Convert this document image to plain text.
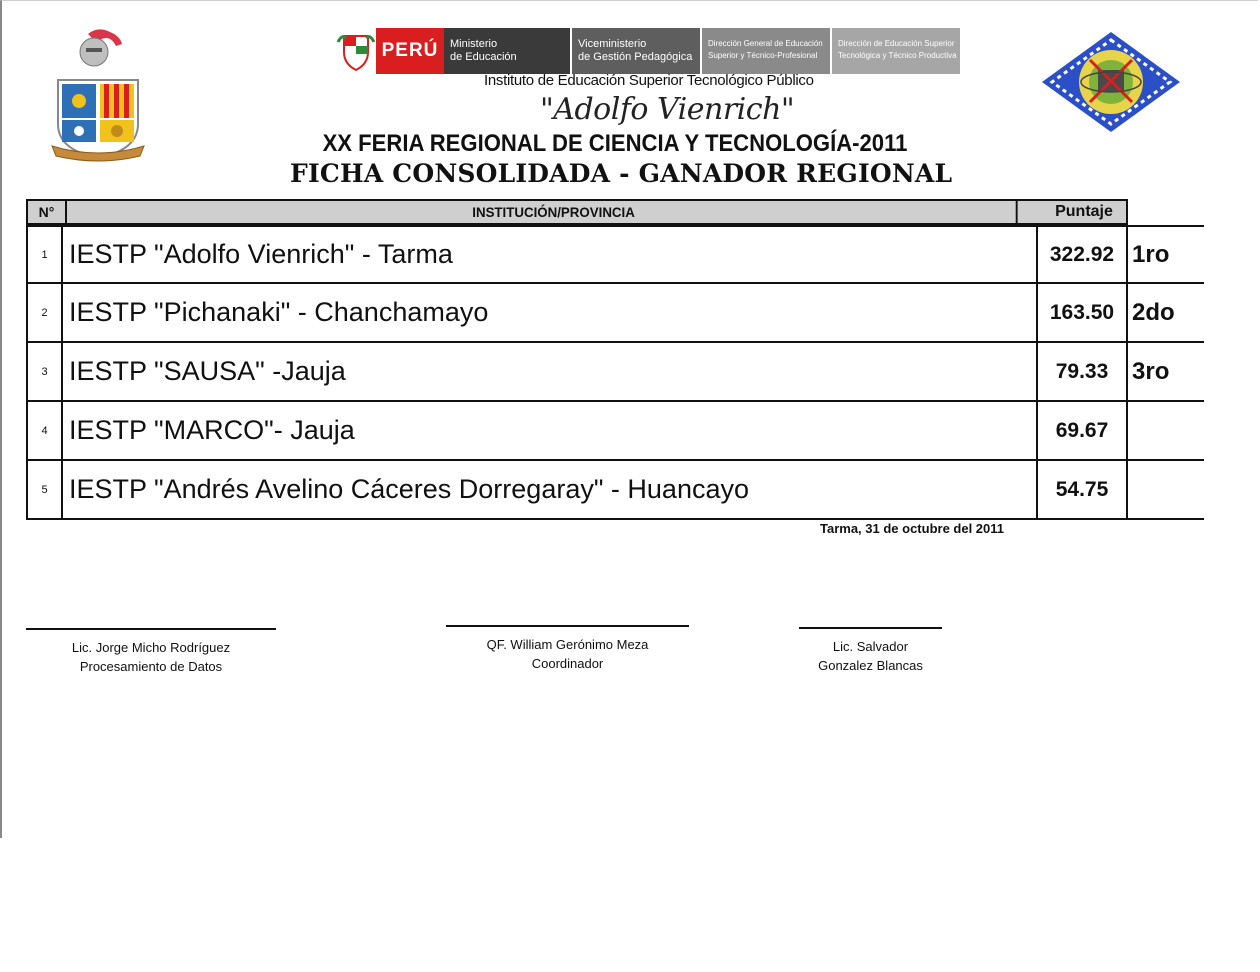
PERÚ	Ministerio
de Educación
Viceministerio
de Gestión Pedagógica
Dirección General de Educación
Superior y Técnico-Profesional
Dirección de Educación Superior
Tecnológica y Técnico Productiva
Instituto de Educación Superior Tecnológico Público
"Adolfo Vienrich"
XX FERIA REGIONAL DE CIENCIA Y TECNOLOGÍA-2011
FICHA CONSOLIDADA - GANADOR REGIONAL
N°	INSTITUCIÓN/PROVINCIA	Puntaje
1 IESTP "Adolfo Vienrich" - Tarma	322.92 1ro
2 IESTP "Pichanaki" - Chanchamayo	163.50 2do
3 IESTP "SAUSA" -Jauja	79.33 3ro
4 IESTP "MARCO"- Jauja	69.67
5 IESTP "Andrés Avelino Cáceres Dorregaray" - Huancayo	54.75
Tarma, 31 de octubre del 2011
Lic. Jorge Micho Rodríguez
Procesamiento de Datos
QF. William Gerónimo Meza
Coordinador
Lic. Salvador
Gonzalez Blancas
